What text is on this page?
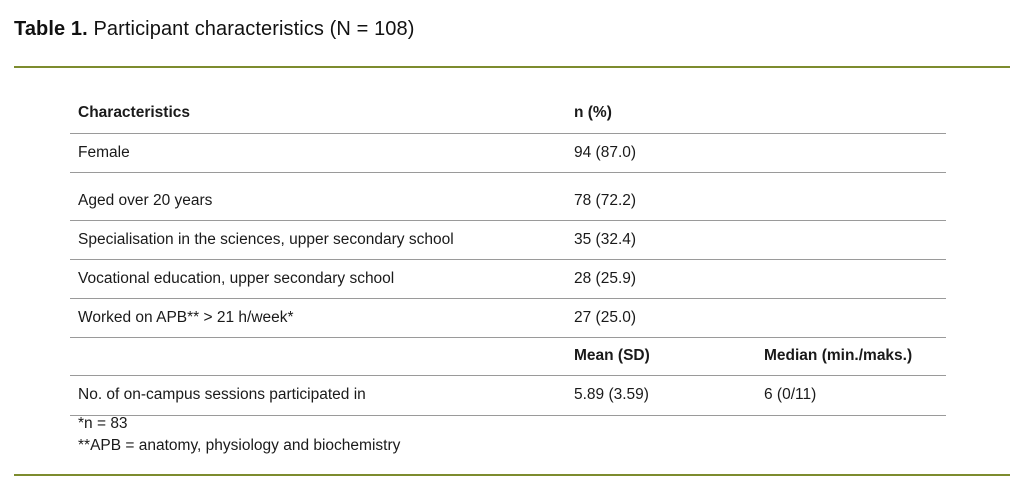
Table 1. Participant characteristics (N = 108)
Characteristics	n (%)	
Female	94 (87.0)	

Aged over 20 years	78 (72.2)	
Specialisation in the sciences, upper secondary school	35 (32.4)	
Vocational education, upper secondary school	28 (25.9)	
Worked on APB** > 21 h/week*	27 (25.0)	
	Mean (SD)	Median (min./maks.)
No. of on-campus sessions participated in	5.89 (3.59)	6 (0/11)
*n = 83
**APB = anatomy, physiology and biochemistry
